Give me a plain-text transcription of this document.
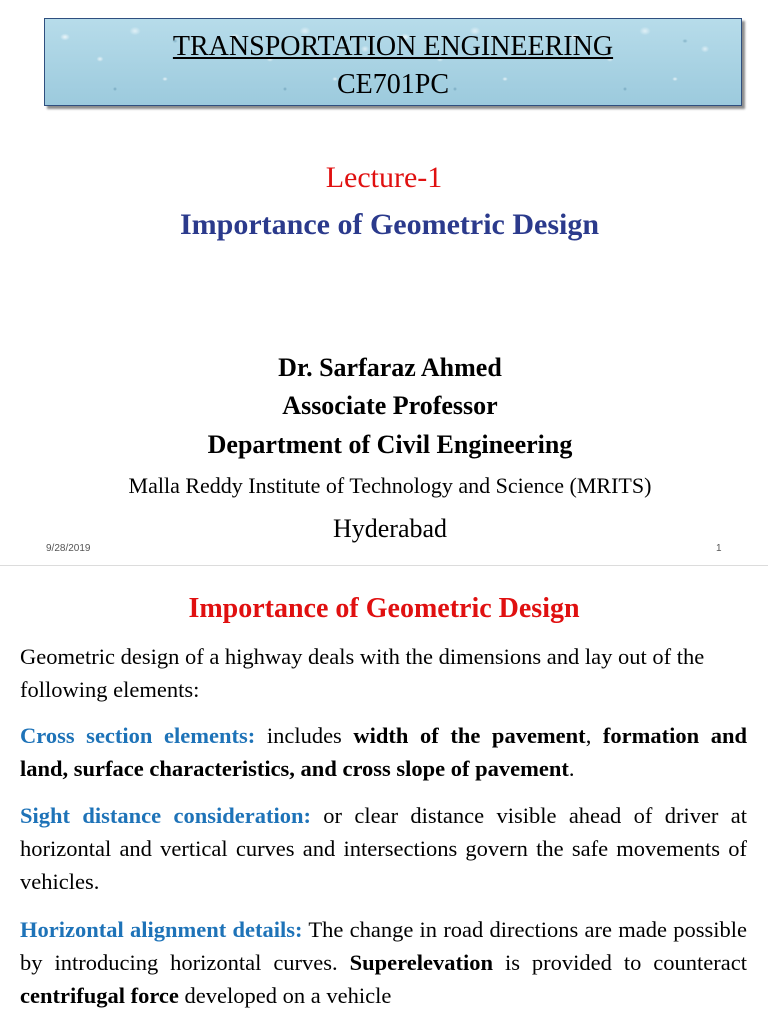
TRANSPORTATION ENGINEERING
CE701PC
Lecture-1
Importance of Geometric Design
Dr. Sarfaraz Ahmed
Associate Professor
Department of Civil Engineering
Malla Reddy Institute of Technology and Science (MRITS)
Hyderabad
9/28/2019	1
Importance of Geometric Design
Geometric design of a highway deals with the dimensions and lay out of the following elements:
Cross section elements: includes width of the pavement, formation and land, surface characteristics, and cross slope of pavement.
Sight distance consideration: or clear distance visible ahead of driver at horizontal and vertical curves and intersections govern the safe movements of vehicles.
Horizontal alignment details: The change in road directions are made possible by introducing horizontal curves. Superelevation is provided to counteract centrifugal force developed on a vehicle
